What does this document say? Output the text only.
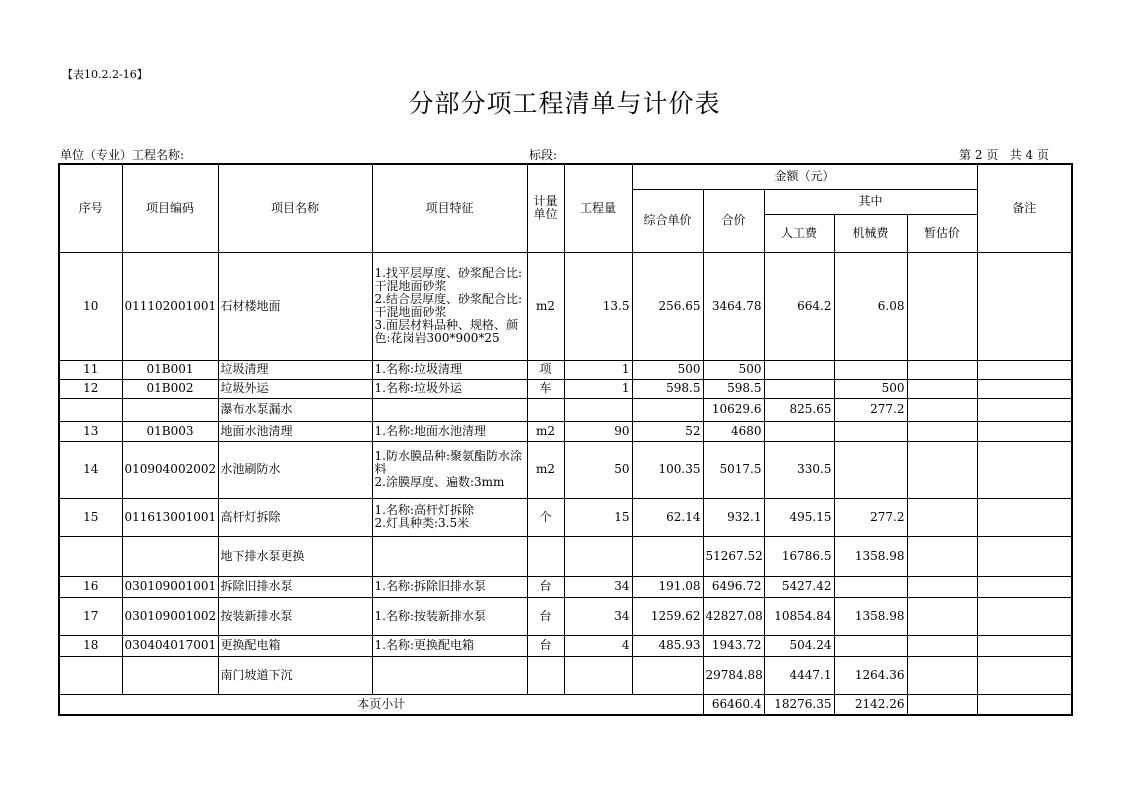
【表10.2.2-16】
分部分项工程清单与计价表
单位（专业）工程名称:	标段:	第 2 页   共 4 页
序号	项目编码	项目名称	项目特征	计量
单位	工程量	金额（元）					备注
						综合单价	合价	其中			
								人工费	机械费	暂估价	
10	011102001001	石材楼地面	1.找平层厚度、砂浆配合比:干混地面砂浆
2.结合层厚度、砂浆配合比:干混地面砂浆
3.面层材料品种、规格、颜色:花岗岩300*900*25	m2	13.5	256.65	3464.78	664.2	6.08		
11	01B001	垃圾清理	1.名称:垃圾清理	项	1	500	500				
12	01B002	垃圾外运	1.名称:垃圾外运	车	1	598.5	598.5		500		
		瀑布水泵漏水					10629.6	825.65	277.2		
13	01B003	地面水池清理	1.名称:地面水池清理	m2	90	52	4680				
14	010904002002	水池刷防水	1.防水膜品种:聚氨酯防水涂料
2.涂膜厚度、遍数:3mm	m2	50	100.35	5017.5	330.5			
15	011613001001	高杆灯拆除	1.名称:高杆灯拆除
2.灯具种类:3.5米	个	15	62.14	932.1	495.15	277.2		
		地下排水泵更换					51267.52	16786.5	1358.98		
16	030109001001	拆除旧排水泵	1.名称:拆除旧排水泵	台	34	191.08	6496.72	5427.42			
17	030109001002	按装新排水泵	1.名称:按装新排水泵	台	34	1259.62	42827.08	10854.84	1358.98		
18	030404017001	更换配电箱	1.名称:更换配电箱	台	4	485.93	1943.72	504.24			
		南门坡道下沉					29784.88	4447.1	1264.36		
本页小计							66460.4	18276.35	2142.26		
